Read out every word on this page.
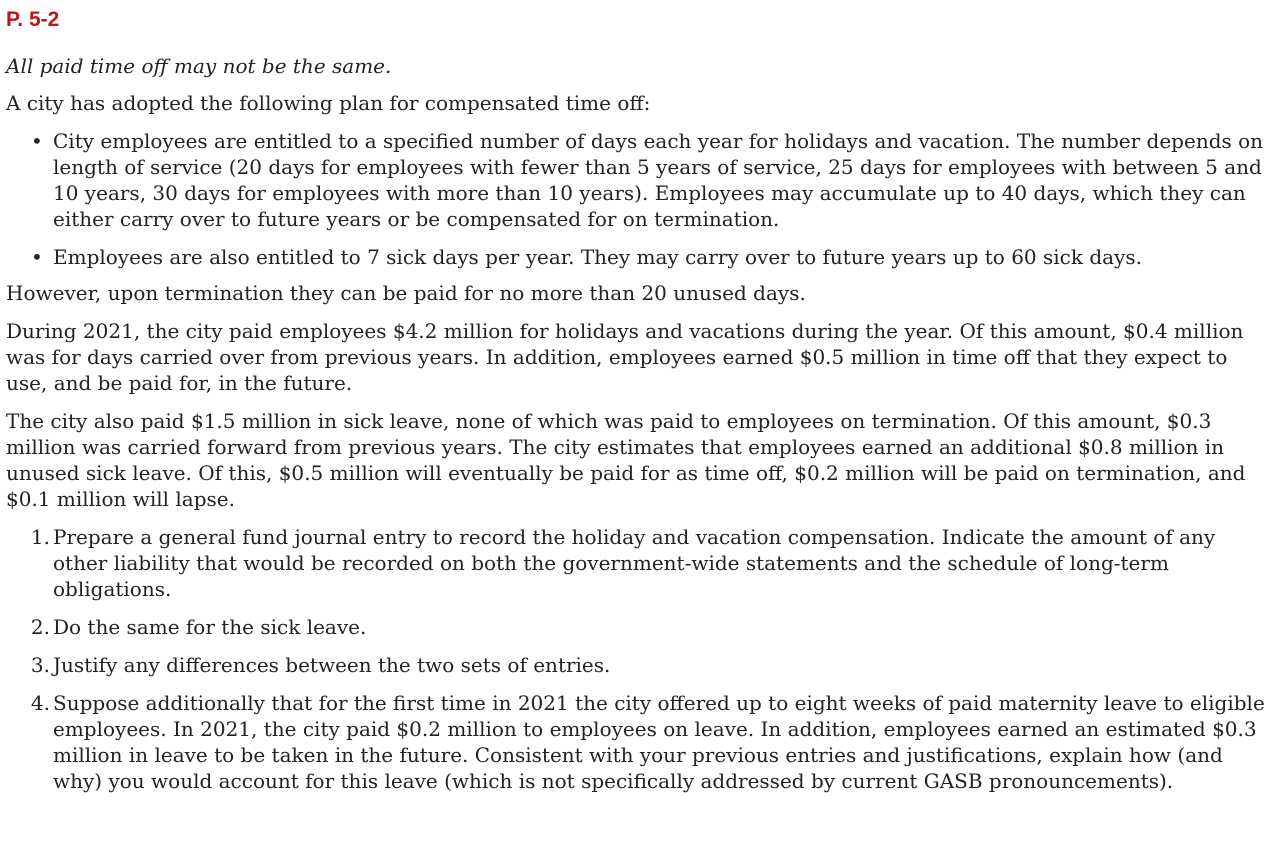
P. 5-2
All paid time off may not be the same.

A city has adopted the following plan for compensated time off:

• City employees are entitled to a specified number of days each year for holidays and vacation. The number depends on length of service (20 days for employees with fewer than 5 years of service, 25 days for employees with between 5 and 10 years, 30 days for employees with more than 10 years). Employees may accumulate up to 40 days, which they can either carry over to future years or be compensated for on termination.
• Employees are also entitled to 7 sick days per year. They may carry over to future years up to 60 sick days.

However, upon termination they can be paid for no more than 20 unused days.

During 2021, the city paid employees $4.2 million for holidays and vacations during the year. Of this amount, $0.4 million was for days carried over from previous years. In addition, employees earned $0.5 million in time off that they expect to use, and be paid for, in the future.

The city also paid $1.5 million in sick leave, none of which was paid to employees on termination. Of this amount, $0.3 million was carried forward from previous years. The city estimates that employees earned an additional $0.8 million in unused sick leave. Of this, $0.5 million will eventually be paid for as time off, $0.2 million will be paid on termination, and $0.1 million will lapse.

1. Prepare a general fund journal entry to record the holiday and vacation compensation. Indicate the amount of any other liability that would be recorded on both the government-wide statements and the schedule of long-term obligations.
2. Do the same for the sick leave.
3. Justify any differences between the two sets of entries.
4. Suppose additionally that for the first time in 2021 the city offered up to eight weeks of paid maternity leave to eligible employees. In 2021, the city paid $0.2 million to employees on leave. In addition, employees earned an estimated $0.3 million in leave to be taken in the future. Consistent with your previous entries and justifications, explain how (and why) you would account for this leave (which is not specifically addressed by current GASB pronouncements).
